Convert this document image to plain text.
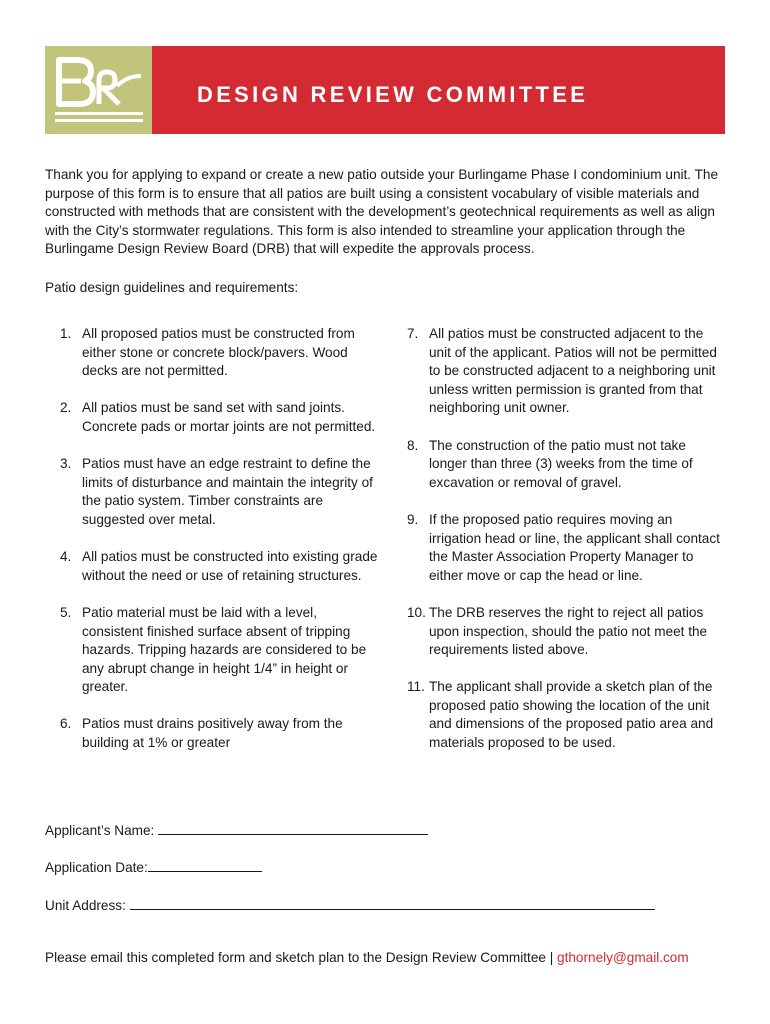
DESIGN REVIEW COMMITTEE

Thank you for applying to expand or create a new patio outside your Burlingame Phase I condominium unit. The purpose of this form is to ensure that all patios are built using a consistent vocabulary of visible materials and constructed with methods that are consistent with the development’s geotechnical requirements as well as align with the City’s stormwater regulations. This form is also intended to streamline your application through the Burlingame Design Review Board (DRB) that will expedite the approvals process.

Patio design guidelines and requirements:

1. All proposed patios must be constructed from either stone or concrete block/pavers. Wood decks are not permitted.
2. All patios must be sand set with sand joints. Concrete pads or mortar joints are not permitted.
3. Patios must have an edge restraint to define the limits of disturbance and maintain the integrity of the patio system. Timber constraints are suggested over metal.
4. All patios must be constructed into existing grade without the need or use of retaining structures.
5. Patio material must be laid with a level, consistent finished surface absent of tripping hazards. Tripping hazards are considered to be any abrupt change in height 1/4” in height or greater.
6. Patios must drains positively away from the building at 1% or greater
7. All patios must be constructed adjacent to the unit of the applicant. Patios will not be permitted to be constructed adjacent to a neighboring unit unless written permission is granted from that neighboring unit owner.
8. The construction of the patio must not take longer than three (3) weeks from the time of excavation or removal of gravel.
9. If the proposed patio requires moving an irrigation head or line, the applicant shall contact the Master Association Property Manager to either move or cap the head or line.
10. The DRB reserves the right to reject all patios upon inspection, should the patio not meet the requirements listed above.
11. The applicant shall provide a sketch plan of the proposed patio showing the location of the unit and dimensions of the proposed patio area and materials proposed to be used.
Applicant’s Name:
Application Date:
Unit Address:
Please email this completed form and sketch plan to the Design Review Committee | gthornely@gmail.com
